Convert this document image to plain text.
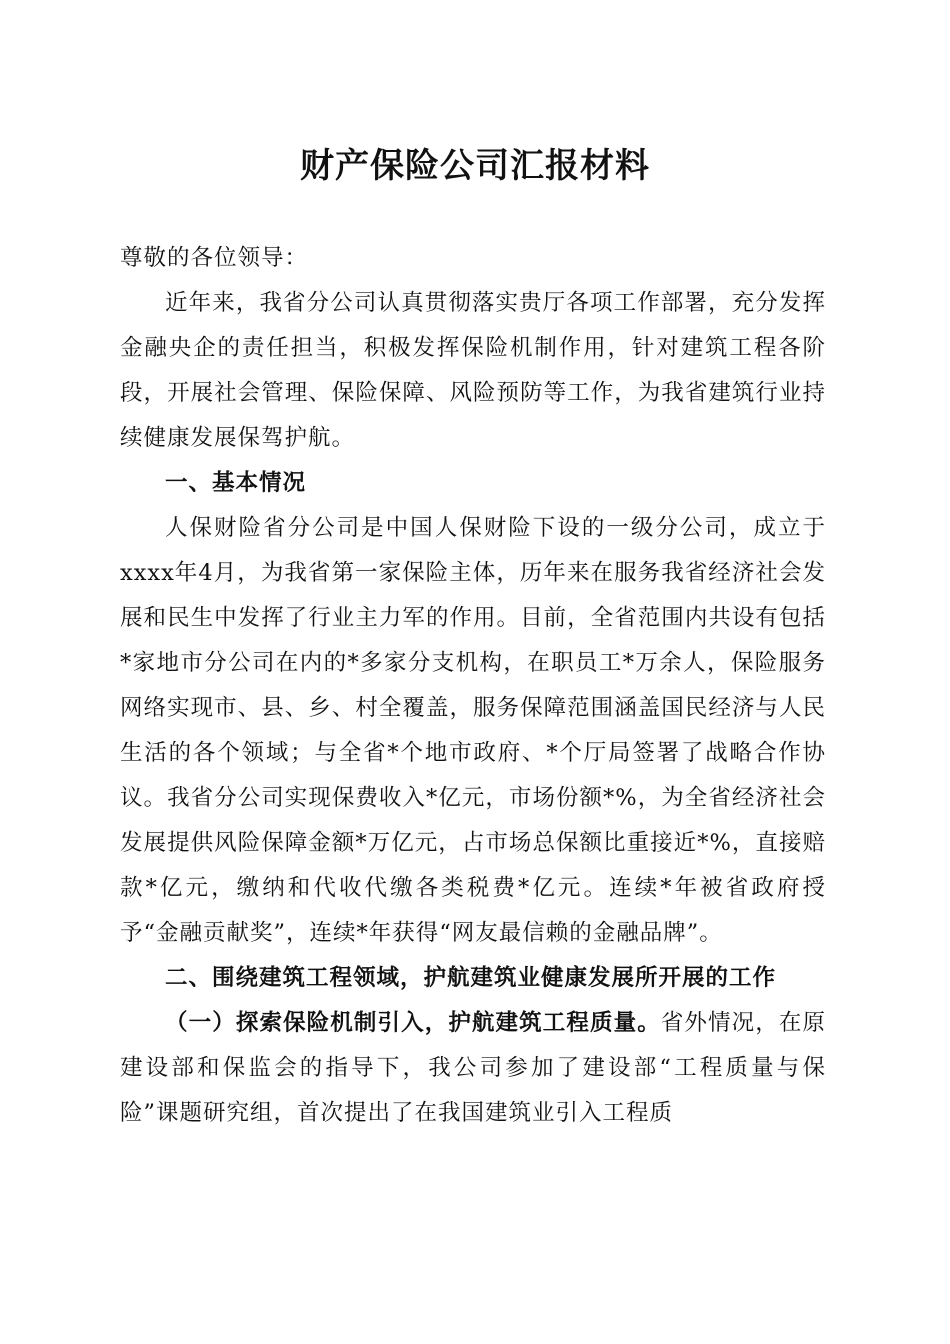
财产保险公司汇报材料

尊敬的各位领导：

近年来，我省分公司认真贯彻落实贵厅各项工作部署，充分发挥金融央企的责任担当，积极发挥保险机制作用，针对建筑工程各阶段，开展社会管理、保险保障、风险预防等工作，为我省建筑行业持续健康发展保驾护航。

一、基本情况

人保财险省分公司是中国人保财险下设的一级分公司，成立于xxxx年4月，为我省第一家保险主体，历年来在服务我省经济社会发展和民生中发挥了行业主力军的作用。目前，全省范围内共设有包括*家地市分公司在内的*多家分支机构，在职员工*万余人，保险服务网络实现市、县、乡、村全覆盖，服务保障范围涵盖国民经济与人民生活的各个领域；与全省*个地市政府、*个厅局签署了战略合作协议。我省分公司实现保费收入*亿元，市场份额*%，为全省经济社会发展提供风险保障金额*万亿元，占市场总保额比重接近*%，直接赔款*亿元，缴纳和代收代缴各类税费*亿元。连续*年被省政府授予“金融贡献奖”，连续*年获得“网友最信赖的金融品牌”。

二、围绕建筑工程领域，护航建筑业健康发展所开展的工作

（一）探索保险机制引入，护航建筑工程质量。省外情况，在原建设部和保监会的指导下，我公司参加了建设部“工程质量与保险”课题研究组，首次提出了在我国建筑业引入工程质
